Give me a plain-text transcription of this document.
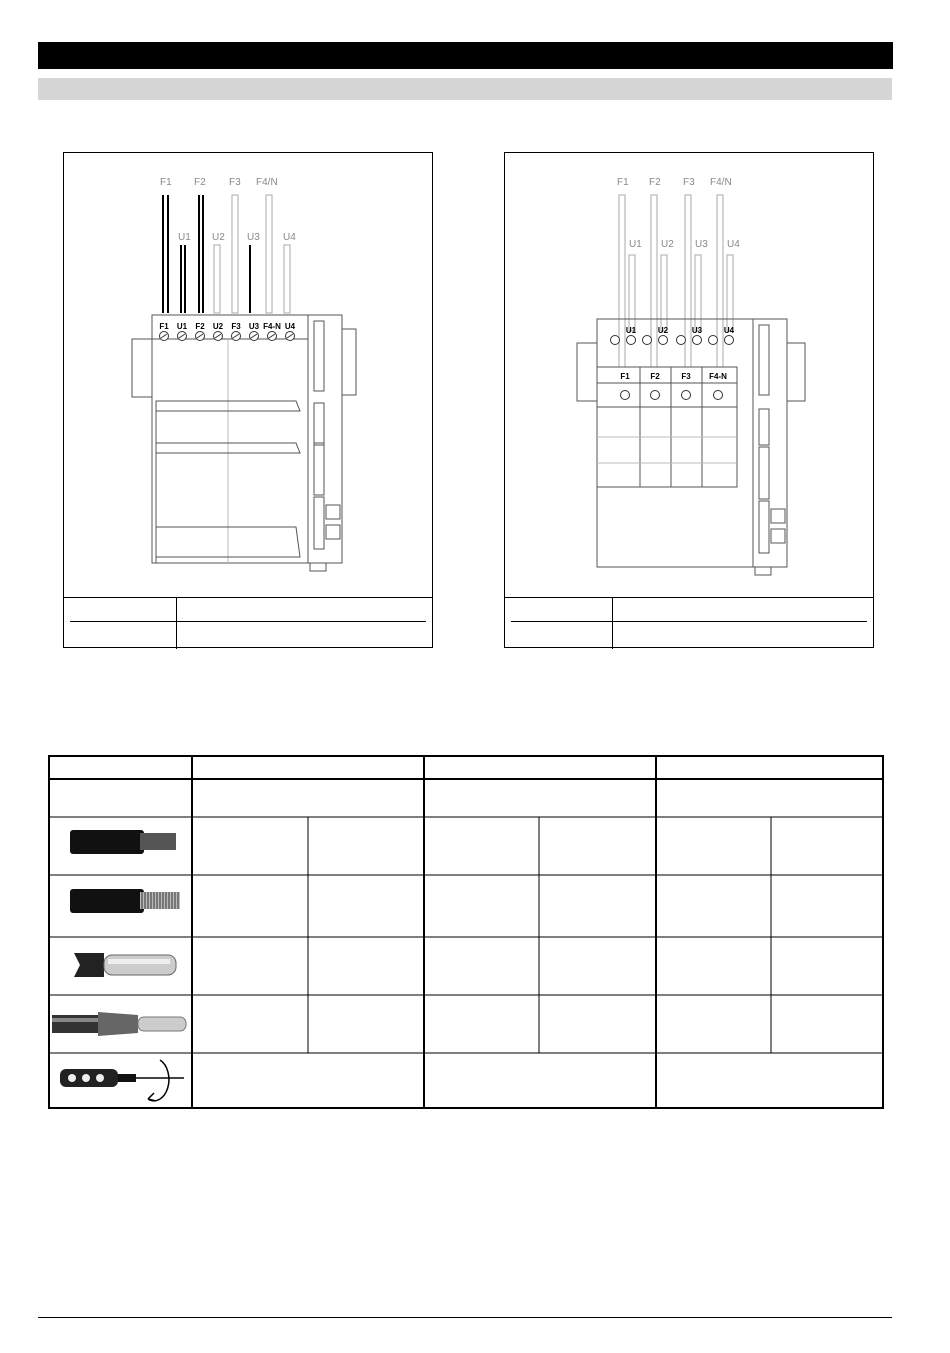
F1 F2 F3 F4/N
U1 U2 U3 U4
F1 U1 F2 U2 F3 U3 F4-N U4
F1 F2 F3 F4/N
U1 U2 U3 U4
U1	U2	U3	U4
F1	F2	F3 F4-N
